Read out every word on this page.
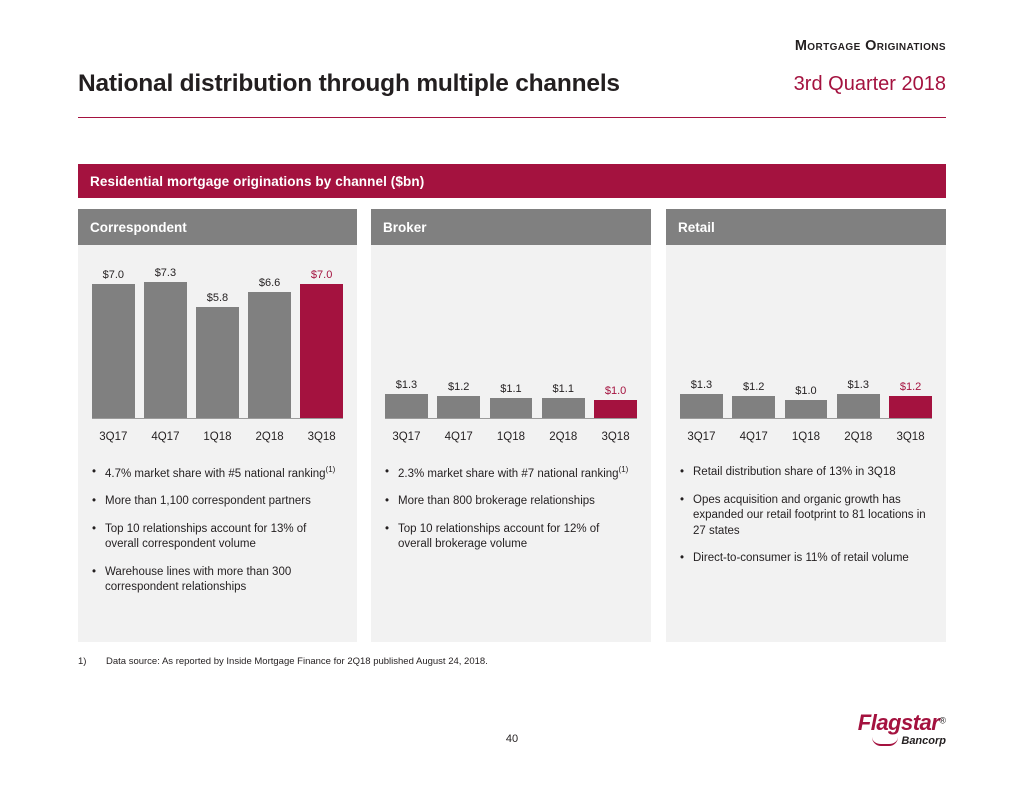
Mortgage Originations
National distribution through multiple channels	3rd Quarter 2018
Residential mortgage originations by channel ($bn)
Correspondent
$7.0	$7.3
$5.8
$6.6
$7.0
3Q17	4Q17	1Q18	2Q18	3Q18
• 4.7% market share with #5 national ranking$^{(1)}$
• More than 1,100 correspondent partners
• Top 10 relationships account for 13% of overall correspondent volume
• Warehouse lines with more than 300 correspondent relationships
Broker
$1.3	$1.2	$1.1	$1.1	$1.0
3Q17	4Q17	1Q18	2Q18	3Q18
• 2.3% market share with #7 national ranking$^{(1)}$
• More than 800 brokerage relationships
• Top 10 relationships account for 12% of overall brokerage volume
Retail
$1.3	$1.2	$1.0	$1.3	$1.2
3Q17	4Q17	1Q18	2Q18	3Q18
• Retail distribution share of 13% in 3Q18
• Opes acquisition and organic growth has expanded our retail footprint to 81 locations in 27 states
• Direct-to-consumer is 11% of retail volume
1)	Data source: As reported by Inside Mortgage Finance for 2Q18 published August 24, 2018.
40
Flagstar®
Bancorp
